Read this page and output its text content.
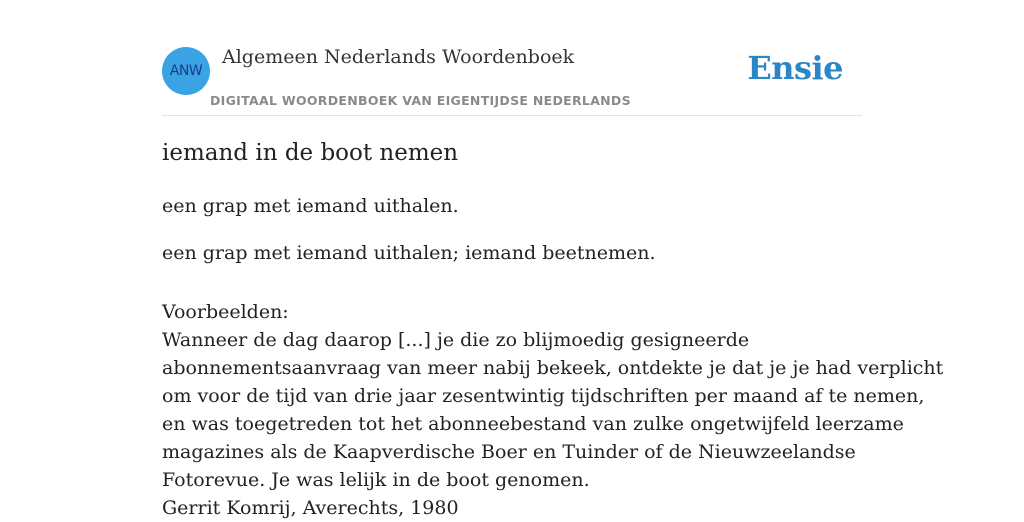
ANW
Algemeen Nederlands Woordenboek
DIGITAAL WOORDENBOEK VAN EIGENTIJDSE NEDERLANDS
Ensie
iemand in de boot nemen
een grap met iemand uithalen.
een grap met iemand uithalen; iemand beetnemen.
Voorbeelden:
Wanneer de dag daarop [...] je die zo blijmoedig gesigneerde
abonnementsaanvraag van meer nabij bekeek, ontdekte je dat je je had verplicht
om voor de tijd van drie jaar zesentwintig tijdschriften per maand af te nemen,
en was toegetreden tot het abonneebestand van zulke ongetwijfeld leerzame
magazines als de Kaapverdische Boer en Tuinder of de Nieuwzeelandse
Fotorevue. Je was lelijk in de boot genomen.
Gerrit Komrij, Averechts, 1980
